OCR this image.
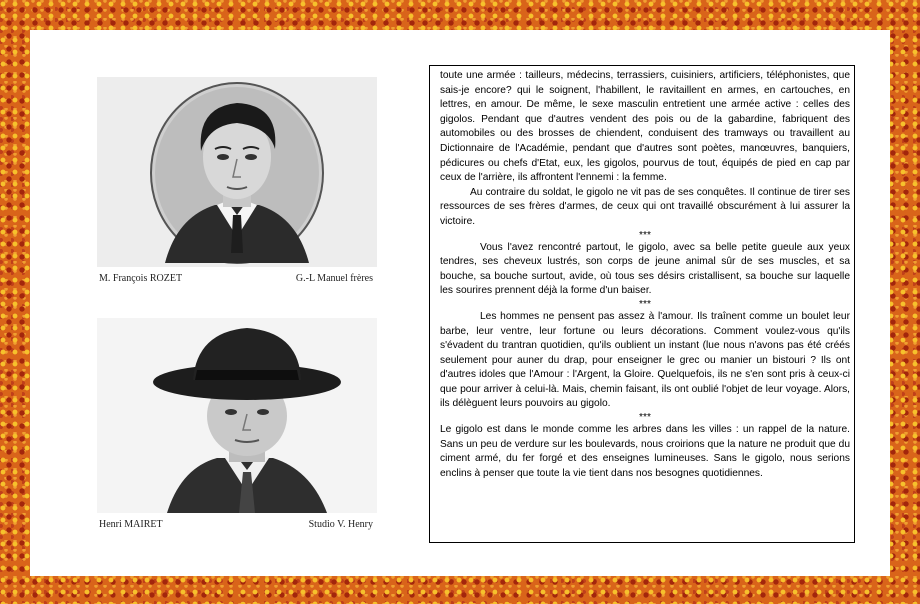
M. François ROZET	G.-L Manuel frères
Henri MAIRET	Studio V. Henry

toute une armée : tailleurs, médecins, terrassiers, cuisiniers, artificiers, téléphonistes, que sais-je encore? qui le soignent, l'habillent, le ravitaillent en armes, en cartouches, en lettres, en amour. De même, le sexe masculin entretient une armée active : celles des gigolos. Pendant que d'autres vendent des pois ou de la gabardine, fabriquent des automobiles ou des brosses de chiendent, conduisent des tramways ou travaillent au Dictionnaire de l'Académie, pendant que d'autres sont poètes, manœuvres, banquiers, pédicures ou chefs d'Etat, eux, les gigolos, pourvus de tout, équipés de pied en cap par ceux de l'arrière, ils affrontent l'ennemi : la femme.

Au contraire du soldat, le gigolo ne vit pas de ses conquêtes. Il continue de tirer ses ressources de ses frères d'armes, de ceux qui ont travaillé obscurément à lui assurer la victoire.

***

Vous l'avez rencontré partout, le gigolo, avec sa belle petite gueule aux yeux tendres, ses cheveux lustrés, son corps de jeune animal sûr de ses muscles, et sa bouche, sa bouche surtout, avide, où tous ses désirs cristallisent, sa bouche sur laquelle les sourires prennent déjà la forme d'un baiser.

***

Les hommes ne pensent pas assez à l'amour. Ils traînent comme un boulet leur barbe, leur ventre, leur fortune ou leurs décorations. Comment voulez-vous qu'ils s'évadent du trantran quotidien, qu'ils oublient un instant (lue nous n'avons pas été créés seulement pour auner du drap, pour enseigner le grec ou manier un bistouri ? Ils ont d'autres idoles que l'Amour : l'Argent, la Gloire. Quelquefois, ils ne s'en sont pris à ceux-ci que pour arriver à celui-là. Mais, chemin faisant, ils ont oublié l'objet de leur voyage. Alors, ils délèguent leurs pouvoirs au gigolo.

***

Le gigolo est dans le monde comme les arbres dans les villes : un rappel de la nature. Sans un peu de verdure sur les boulevards, nous croirions que la nature ne produit que du ciment armé, du fer forgé et des enseignes lumineuses. Sans le gigolo, nous serions enclins à penser que toute la vie tient dans nos besognes quotidiennes.
